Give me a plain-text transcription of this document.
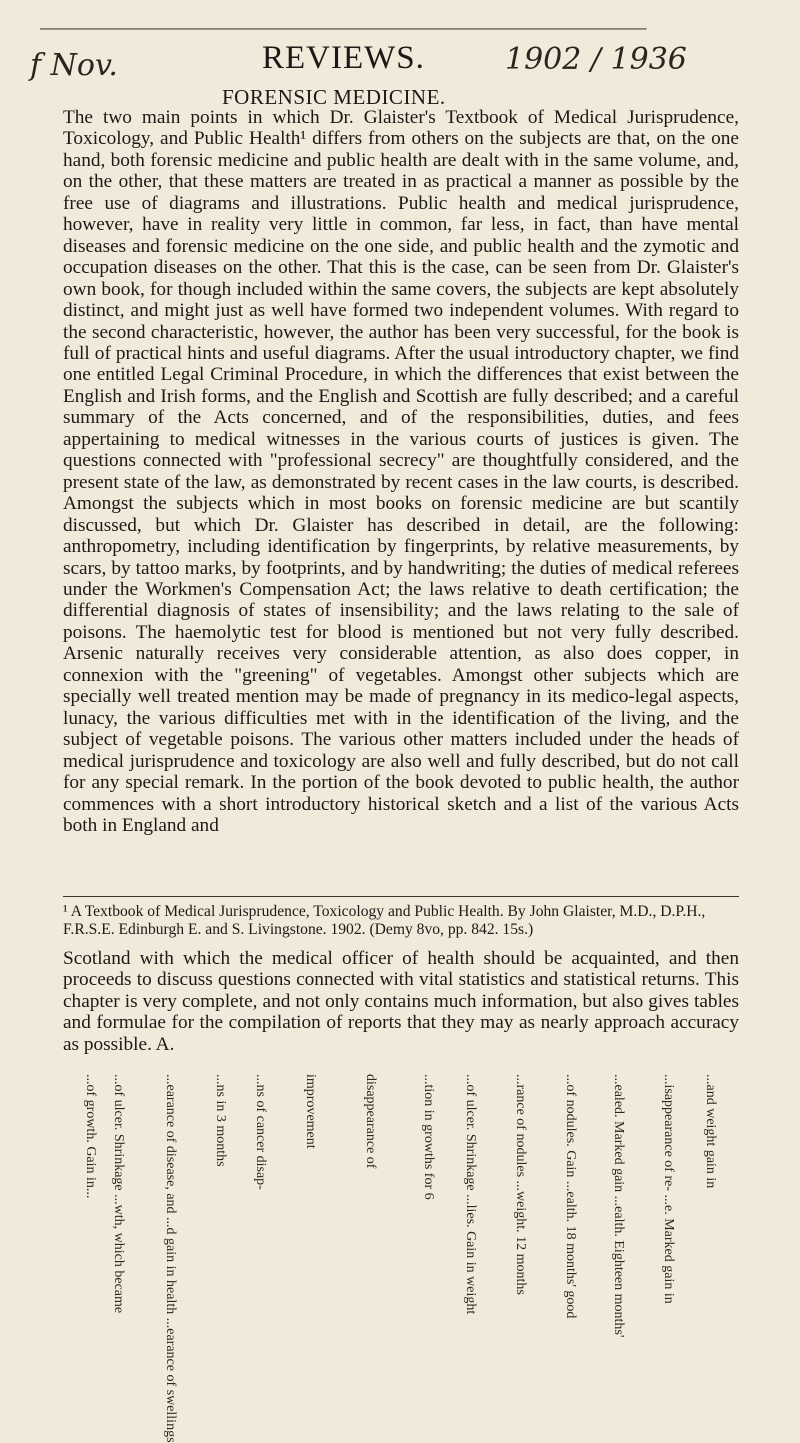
———————————————————————————————
f Nov.	REVIEWS.	1902 / 1936
FORENSIC MEDICINE.

The two main points in which Dr. Glaister's Textbook of Medical Jurisprudence, Toxicology, and Public Health¹ differs from others on the subjects are that, on the one hand, both forensic medicine and public health are dealt with in the same volume, and, on the other, that these matters are treated in as practical a manner as possible by the free use of diagrams and illustrations. Public health and medical jurisprudence, however, have in reality very little in common, far less, in fact, than have mental diseases and forensic medicine on the one side, and public health and the zymotic and occupation diseases on the other. That this is the case, can be seen from Dr. Glaister's own book, for though included within the same covers, the subjects are kept absolutely distinct, and might just as well have formed two independent volumes. With regard to the second characteristic, however, the author has been very successful, for the book is full of practical hints and useful diagrams. After the usual introductory chapter, we find one entitled Legal Criminal Procedure, in which the differences that exist between the English and Irish forms, and the English and Scottish are fully described; and a careful summary of the Acts concerned, and of the responsibilities, duties, and fees appertaining to medical witnesses in the various courts of justices is given. The questions connected with "professional secrecy" are thoughtfully considered, and the present state of the law, as demonstrated by recent cases in the law courts, is described. Amongst the subjects which in most books on forensic medicine are but scantily discussed, but which Dr. Glaister has described in detail, are the following: anthropometry, including identification by fingerprints, by relative measurements, by scars, by tattoo marks, by footprints, and by handwriting; the duties of medical referees under the Workmen's Compensation Act; the laws relative to death certification; the differential diagnosis of states of insensibility; and the laws relating to the sale of poisons. The haemolytic test for blood is mentioned but not very fully described. Arsenic naturally receives very considerable attention, as also does copper, in connexion with the "greening" of vegetables. Amongst other subjects which are specially well treated mention may be made of pregnancy in its medico-legal aspects, lunacy, the various difficulties met with in the identification of the living, and the subject of vegetable poisons. The various other matters included under the heads of medical jurisprudence and toxicology are also well and fully described, but do not call for any special remark. In the portion of the book devoted to public health, the author commences with a short introductory historical sketch and a list of the various Acts both in England and

¹ A Textbook of Medical Jurisprudence, Toxicology and Public Health. By John Glaister, M.D., D.P.H., F.R.S.E. Edinburgh E. and S. Livingstone. 1902. (Demy 8vo, pp. 842. 15s.)

Scotland with which the medical officer of health should be acquainted, and then proceeds to discuss questions connected with vital statistics and statistical returns. This chapter is very complete, and not only contains much information, but also gives tables and formulae for the compilation of reports that they may as nearly approach accuracy as possible. A.

...of growth. Gain in... ...of ulcer. Shrinkage ...wth, which became	...earance of disease, and ...d gain in health ...earance of swellings	...ns in 3 months ...ns of cancer disap-	improvement	disappearance of	...tion in growths for 6 ...of ulcer. Shrinkage ...lies. Gain in weight	...rance of nodules ...weight. 12 months	...of nodules. Gain ...ealth. 18 months' good ...ealed. Marked gain ...ealth. Eighteen months'	...isappearance of re- ...e. Marked gain in ...and weight gain in
